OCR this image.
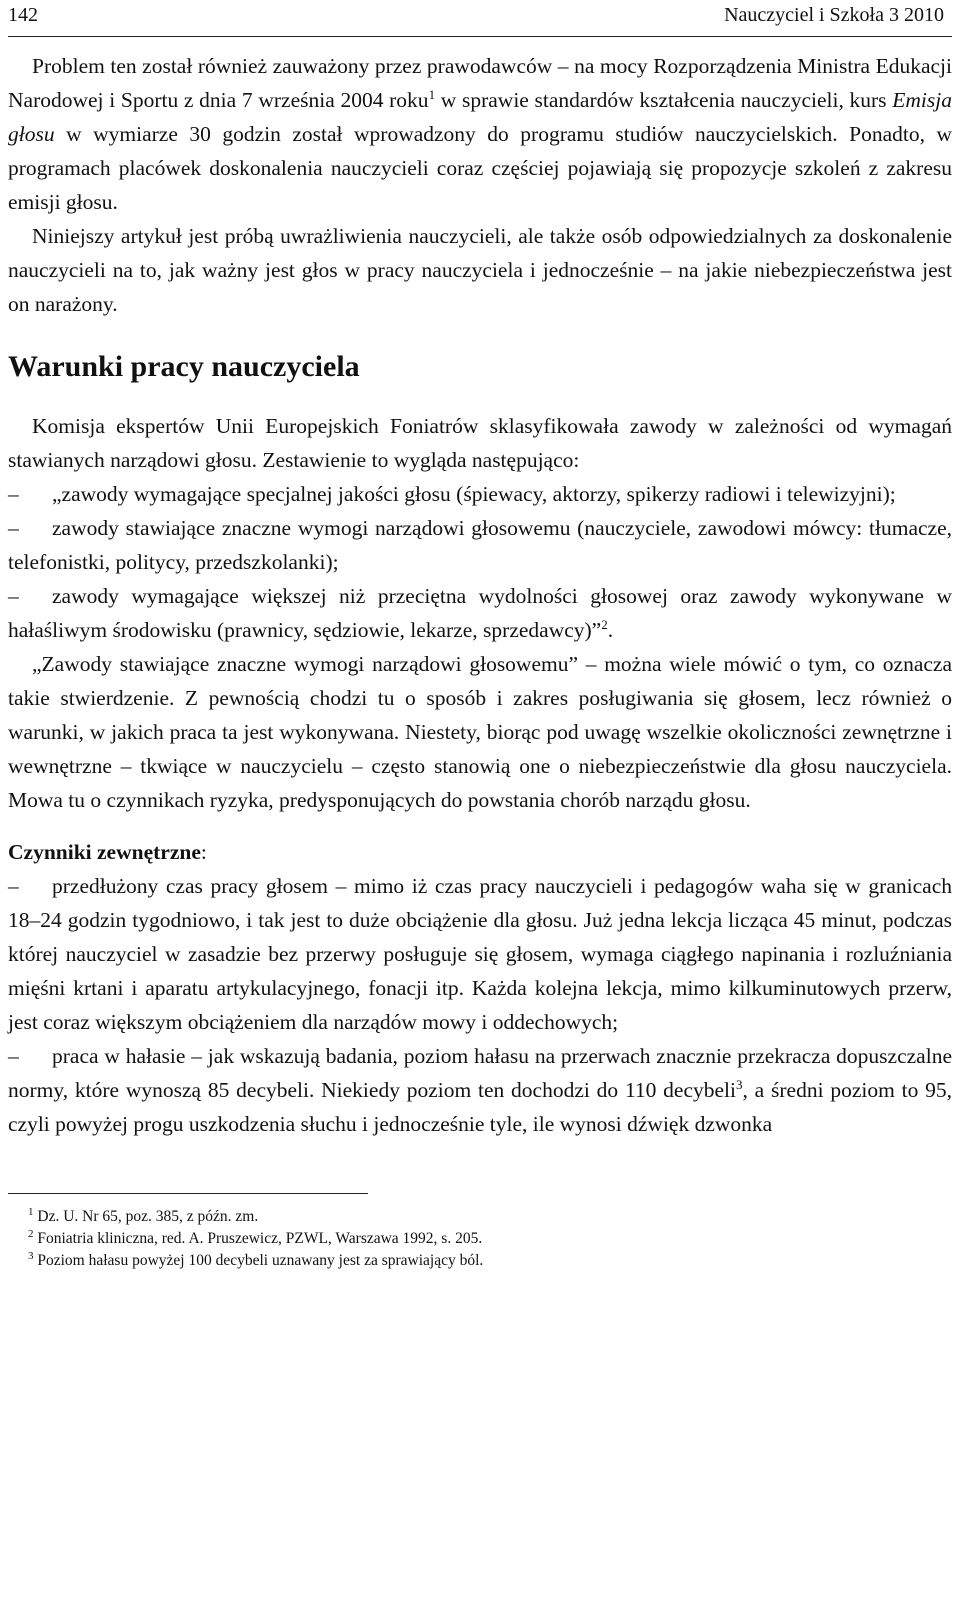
142	Nauczyciel i Szkoła 3 2010

Problem ten został również zauważony przez prawodawców – na mocy Rozporządzenia Ministra Edukacji Narodowej i Sportu z dnia 7 września 2004 roku$^1$ w sprawie standardów kształcenia nauczycieli, kurs Emisja głosu w wymiarze 30 godzin został wprowadzony do programu studiów nauczycielskich. Ponadto, w programach placówek doskonalenia nauczycieli coraz częściej pojawiają się propozycje szkoleń z zakresu emisji głosu.

Niniejszy artykuł jest próbą uwrażliwienia nauczycieli, ale także osób odpowiedzialnych za doskonalenie nauczycieli na to, jak ważny jest głos w pracy nauczyciela i jednocześnie – na jakie niebezpieczeństwa jest on narażony.

Warunki pracy nauczyciela

Komisja ekspertów Unii Europejskich Foniatrów sklasyfikowała zawody w zależności od wymagań stawianych narządowi głosu. Zestawienie to wygląda następująco:

– „zawody wymagające specjalnej jakości głosu (śpiewacy, aktorzy, spikerzy radiowi i telewizyjni);

– zawody stawiające znaczne wymogi narządowi głosowemu (nauczyciele, zawodowi mówcy: tłumacze, telefonistki, politycy, przedszkolanki);

– zawody wymagające większej niż przeciętna wydolności głosowej oraz zawody wykonywane w hałaśliwym środowisku (prawnicy, sędziowie, lekarze, sprzedawcy)”$^2$.

„Zawody stawiające znaczne wymogi narządowi głosowemu” – można wiele mówić o tym, co oznacza takie stwierdzenie. Z pewnością chodzi tu o sposób i zakres posługiwania się głosem, lecz również o warunki, w jakich praca ta jest wykonywana. Niestety, biorąc pod uwagę wszelkie okoliczności zewnętrzne i wewnętrzne – tkwiące w nauczycielu – często stanowią one o niebezpieczeństwie dla głosu nauczyciela. Mowa tu o czynnikach ryzyka, predysponujących do powstania chorób narządu głosu.

Czynniki zewnętrzne:

– przedłużony czas pracy głosem – mimo iż czas pracy nauczycieli i pedagogów waha się w granicach 18–24 godzin tygodniowo, i tak jest to duże obciążenie dla głosu. Już jedna lekcja licząca 45 minut, podczas której nauczyciel w zasadzie bez przerwy posługuje się głosem, wymaga ciągłego napinania i rozluźniania mięśni krtani i aparatu artykulacyjnego, fonacji itp. Każda kolejna lekcja, mimo kilkuminutowych przerw, jest coraz większym obciążeniem dla narządów mowy i oddechowych;

– praca w hałasie – jak wskazują badania, poziom hałasu na przerwach znacznie przekracza dopuszczalne normy, które wynoszą 85 decybeli. Niekiedy poziom ten dochodzi do 110 decybeli$^3$, a średni poziom to 95, czyli powyżej progu uszkodzenia słuchu i jednocześnie tyle, ile wynosi dźwięk dzwonka

$^1$ Dz. U. Nr 65, poz. 385, z późn. zm.

$^2$ Foniatria kliniczna, red. A. Pruszewicz, PZWL, Warszawa 1992, s. 205.

$^3$ Poziom hałasu powyżej 100 decybeli uznawany jest za sprawiający ból.
